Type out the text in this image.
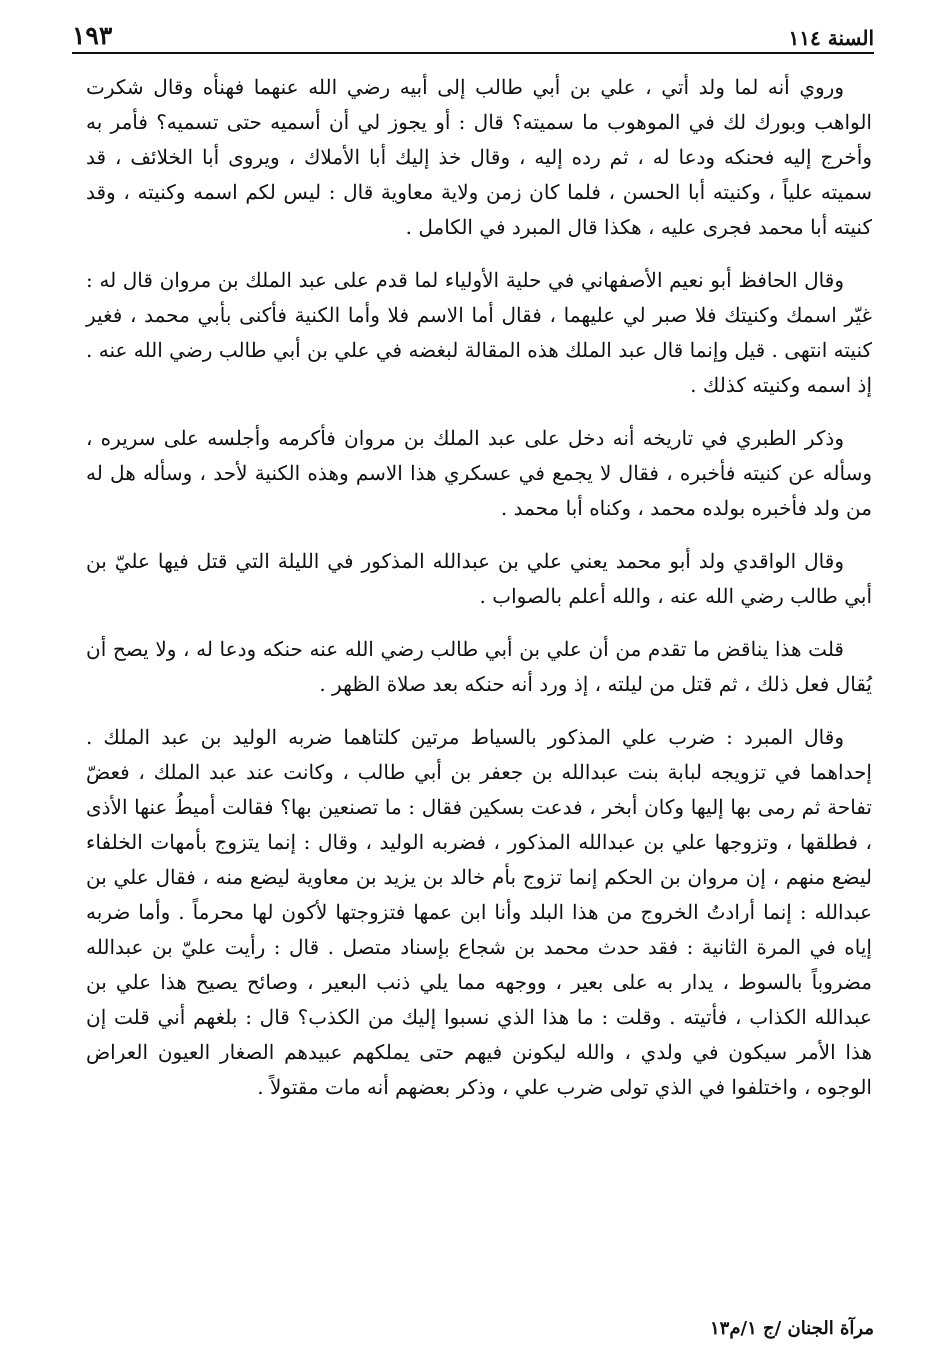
السنة ١١٤
١٩٣

وروي أنه لما ولد أتي ، علي بن أبي طالب إلى أبيه رضي الله عنهما فهنأه وقال شكرت الواهب وبورك لك في الموهوب ما سميته؟ قال : أو يجوز لي أن أسميه حتى تسميه؟ فأمر به وأخرج إليه فحنكه ودعا له ، ثم رده إليه ، وقال خذ إليك أبا الأملاك ، ويروى أبا الخلائف ، قد سميته علياً ، وكنيته أبا الحسن ، فلما كان زمن ولاية معاوية قال : ليس لكم اسمه وكنيته ، وقد كنيته أبا محمد فجرى عليه ، هكذا قال المبرد في الكامل .

وقال الحافظ أبو نعيم الأصفهاني في حلية الأولياء لما قدم على عبد الملك بن مروان قال له : غيّر اسمك وكنيتك فلا صبر لي عليهما ، فقال أما الاسم فلا وأما الكنية فأكنى بأبي محمد ، فغير كنيته انتهى . قيل وإنما قال عبد الملك هذه المقالة لبغضه في علي بن أبي طالب رضي الله عنه . إذ اسمه وكنيته كذلك .

وذكر الطبري في تاريخه أنه دخل على عبد الملك بن مروان فأكرمه وأجلسه على سريره ، وسأله عن كنيته فأخبره ، فقال لا يجمع في عسكري هذا الاسم وهذه الكنية لأحد ، وسأله هل له من ولد فأخبره بولده محمد ، وكناه أبا محمد .

وقال الواقدي ولد أبو محمد يعني علي بن عبدالله المذكور في الليلة التي قتل فيها عليّ بن أبي طالب رضي الله عنه ، والله أعلم بالصواب .

قلت هذا يناقض ما تقدم من أن علي بن أبي طالب رضي الله عنه حنكه ودعا له ، ولا يصح أن يُقال فعل ذلك ، ثم قتل من ليلته ، إذ ورد أنه حنكه بعد صلاة الظهر .

وقال المبرد : ضرب علي المذكور بالسياط مرتين كلتاهما ضربه الوليد بن عبد الملك . إحداهما في تزويجه لبابة بنت عبدالله بن جعفر بن أبي طالب ، وكانت عند عبد الملك ، فعضّ تفاحة ثم رمى بها إليها وكان أبخر ، فدعت بسكين فقال : ما تصنعين بها؟ فقالت أميطُ عنها الأذى ، فطلقها ، وتزوجها علي بن عبدالله المذكور ، فضربه الوليد ، وقال : إنما يتزوج بأمهات الخلفاء ليضع منهم ، إن مروان بن الحكم إنما تزوج بأم خالد بن يزيد بن معاوية ليضع منه ، فقال علي بن عبدالله : إنما أرادتُ الخروج من هذا البلد وأنا ابن عمها فتزوجتها لأكون لها محرماً . وأما ضربه إياه في المرة الثانية : فقد حدث محمد بن شجاع بإسناد متصل . قال : رأيت عليّ بن عبدالله مضروباً بالسوط ، يدار به على بعير ، ووجهه مما يلي ذنب البعير ، وصائح يصيح هذا علي بن عبدالله الكذاب ، فأتيته . وقلت : ما هذا الذي نسبوا إليك من الكذب؟ قال : بلغهم أني قلت إن هذا الأمر سيكون في ولدي ، والله ليكونن فيهم حتى يملكهم عبيدهم الصغار العيون العراض الوجوه ، واختلفوا في الذي تولى ضرب علي ، وذكر بعضهم أنه مات مقتولاً .

مرآة الجنان /ج ١/م١٣
